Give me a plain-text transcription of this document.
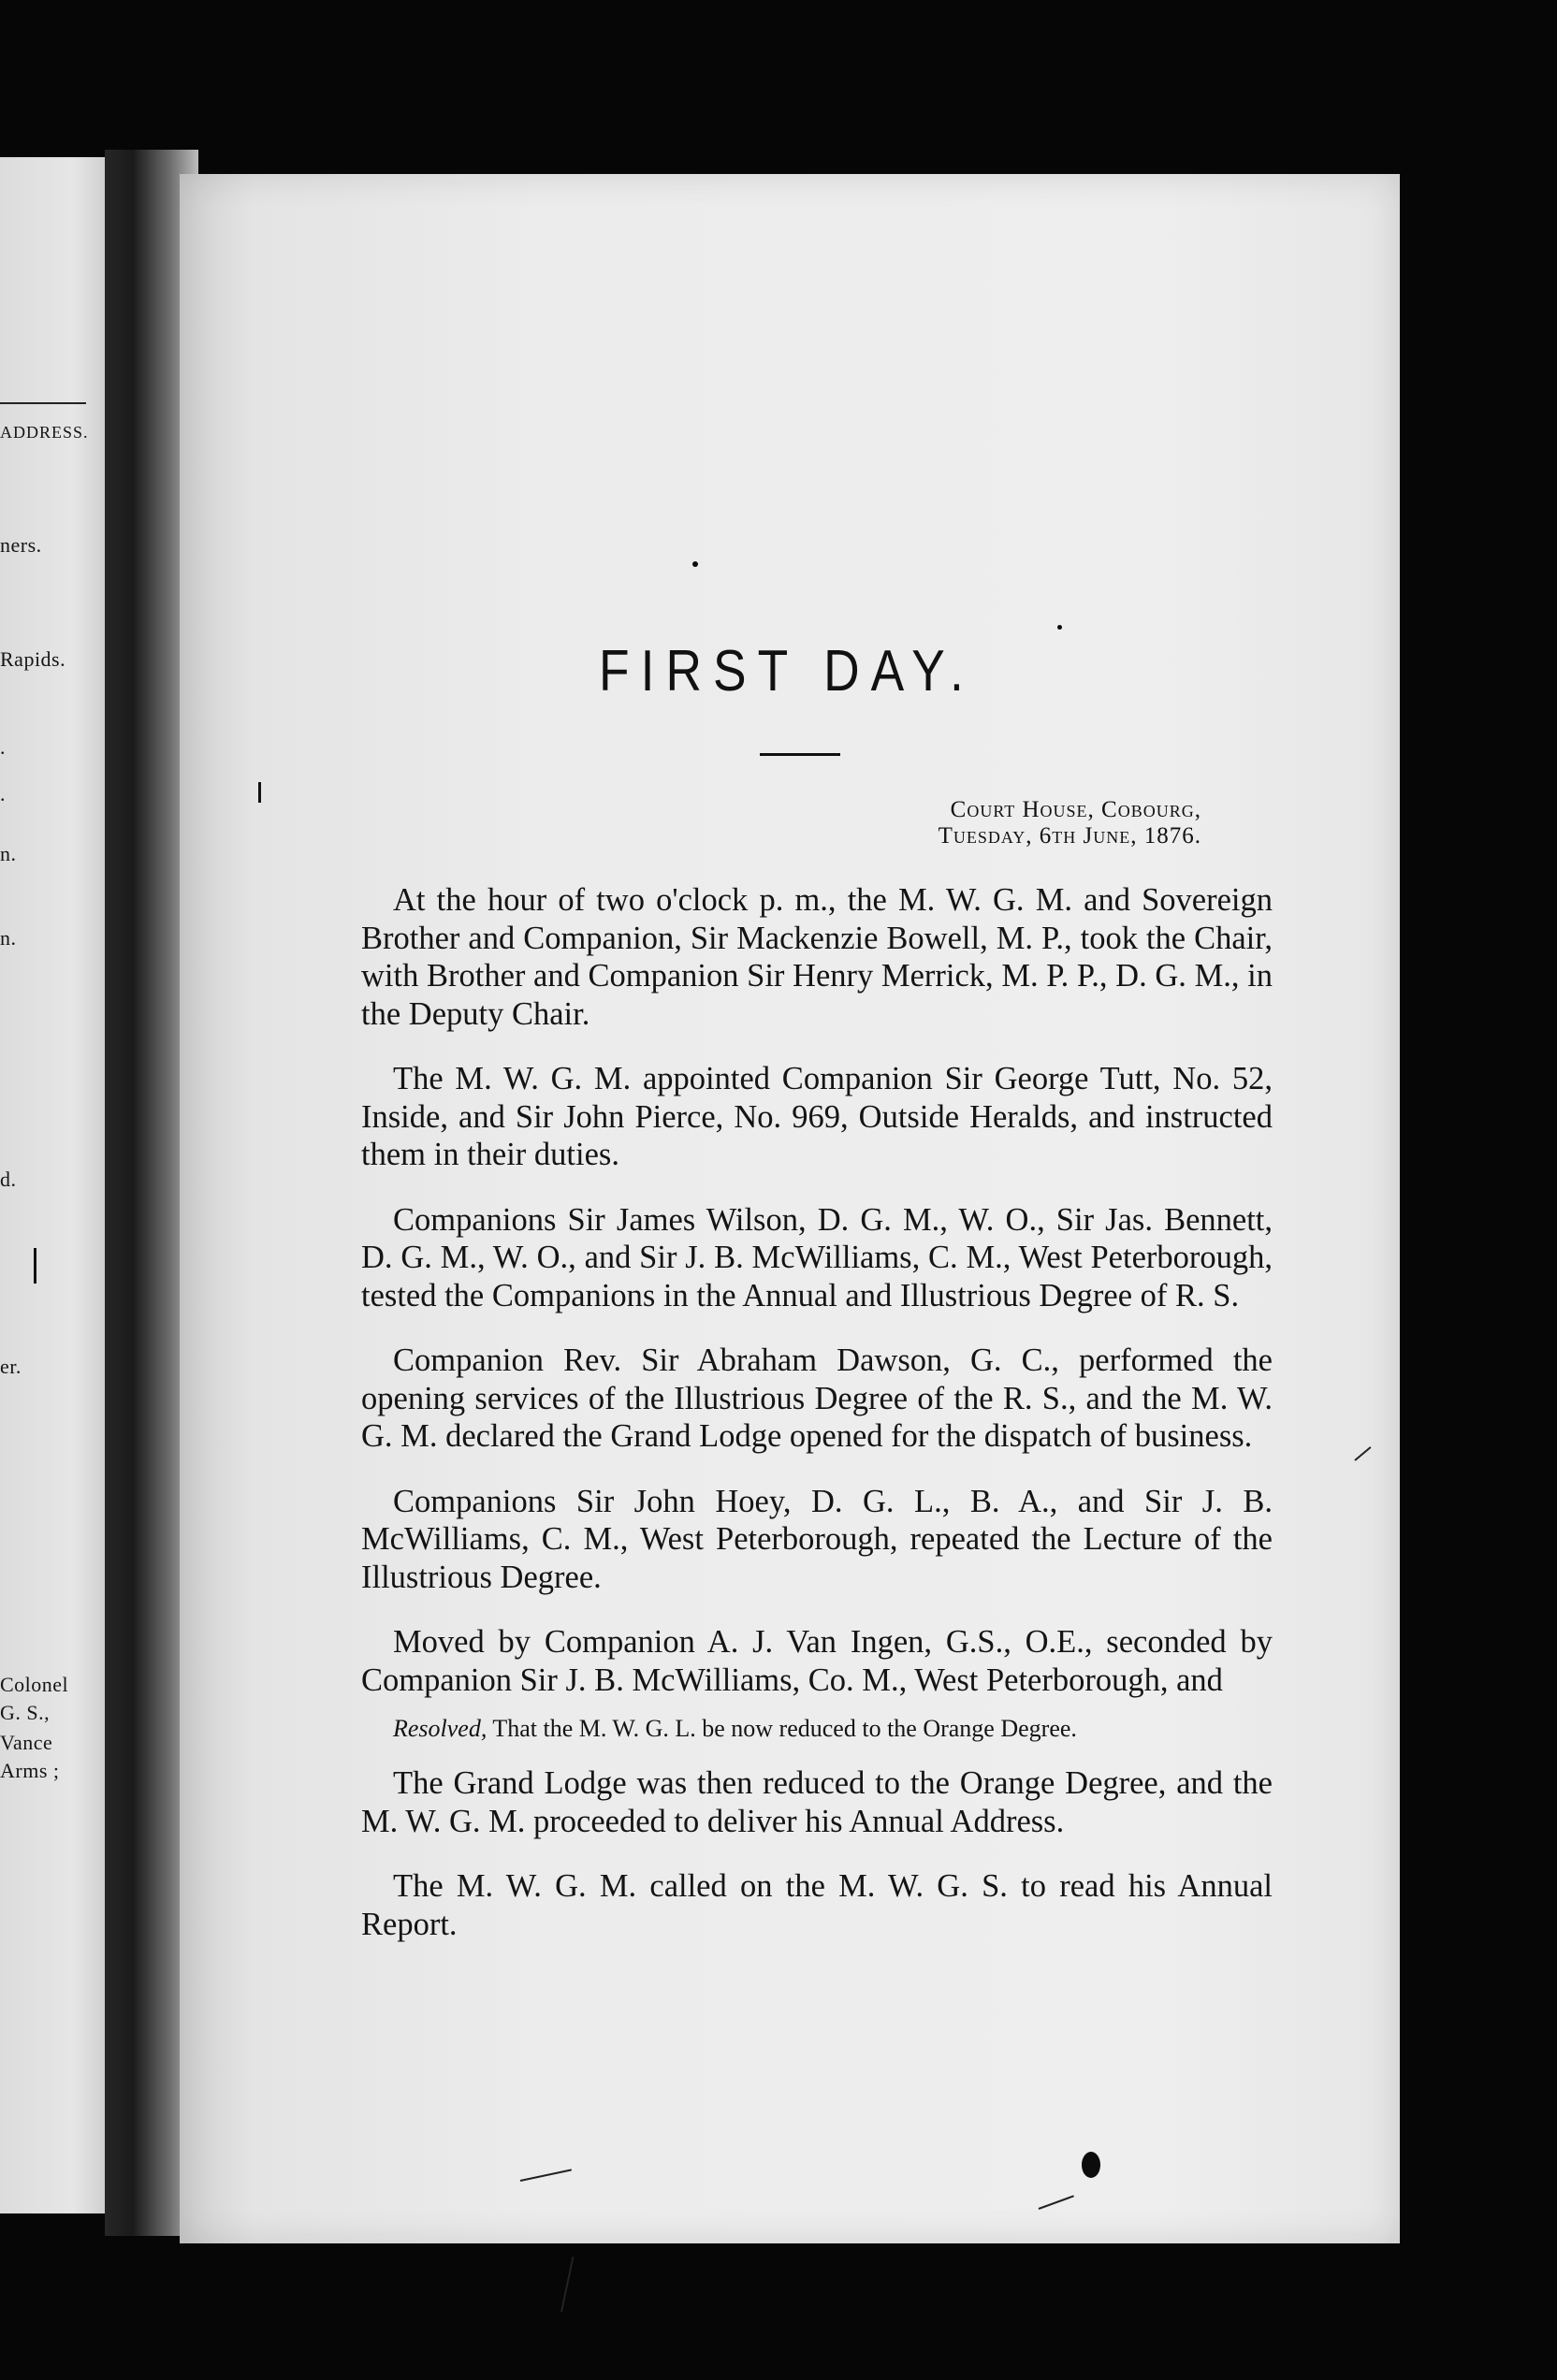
ADDRESS.
ners.
Rapids.
.
.
n.
n.
d.
er.
Colonel
G. S.,
Vance
Arms ;
FIRST DAY.
Court House, Cobourg,
Tuesday, 6th June, 1876.

At the hour of two o'clock p. m., the M. W. G. M. and Sovereign Brother and Companion, Sir Mackenzie Bowell, M. P., took the Chair, with Brother and Companion Sir Henry Merrick, M. P. P., D. G. M., in the Deputy Chair.

The M. W. G. M. appointed Companion Sir George Tutt, No. 52, Inside, and Sir John Pierce, No. 969, Outside Heralds, and instructed them in their duties.

Companions Sir James Wilson, D. G. M., W. O., Sir Jas. Bennett, D. G. M., W. O., and Sir J. B. McWilliams, C. M., West Peterborough, tested the Companions in the Annual and Illustrious Degree of R. S.

Companion Rev. Sir Abraham Dawson, G. C., performed the opening services of the Illustrious Degree of the R. S., and the M. W. G. M. declared the Grand Lodge opened for the dispatch of business.

Companions Sir John Hoey, D. G. L., B. A., and Sir J. B. McWilliams, C. M., West Peterborough, repeated the Lecture of the Illustrious Degree.

Moved by Companion A. J. Van Ingen, G.S., O.E., seconded by Companion Sir J. B. McWilliams, Co. M., West Peterborough, and

Resolved, That the M. W. G. L. be now reduced to the Orange Degree.

The Grand Lodge was then reduced to the Orange Degree, and the M. W. G. M. proceeded to deliver his Annual Address.

The M. W. G. M. called on the M. W. G. S. to read his Annual Report.
